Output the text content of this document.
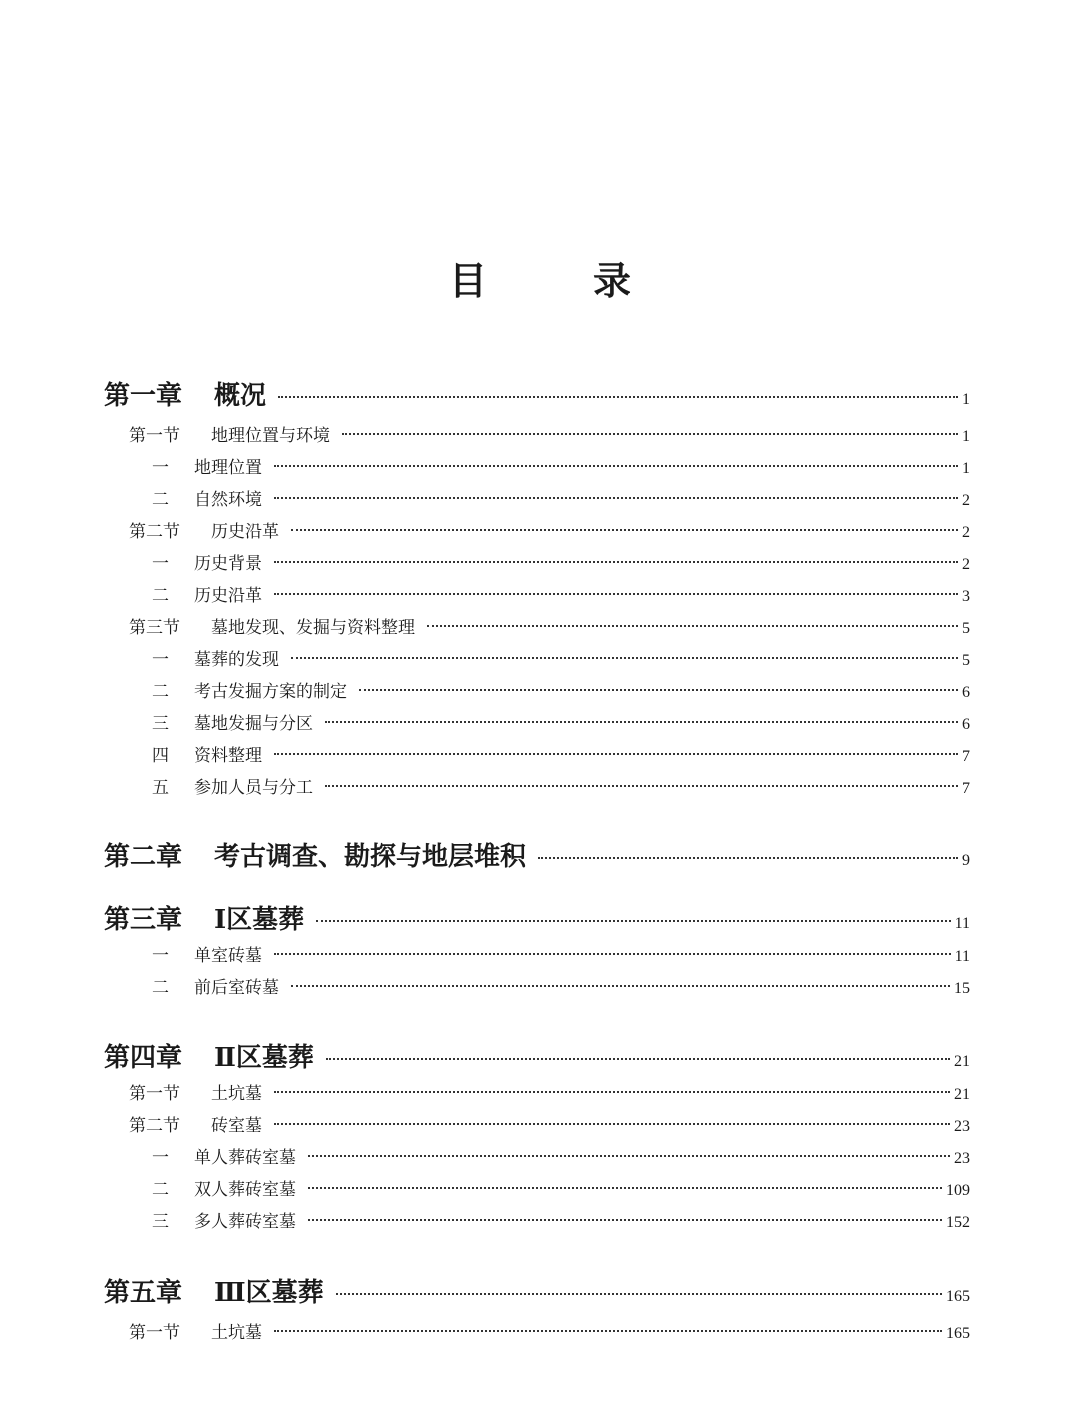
目　录
第一章	概况	1
第一节	地理位置与环境	1
一	地理位置	1
二	自然环境	2
第二节	历史沿革	2
一	历史背景	2
二	历史沿革	3
第三节	墓地发现、发掘与资料整理	5
一	墓葬的发现	5
二	考古发掘方案的制定	6
三	墓地发掘与分区	6
四	资料整理	7
五	参加人员与分工	7
第二章	考古调查、勘探与地层堆积	9
第三章	Ⅰ区墓葬	11
一	单室砖墓	11
二	前后室砖墓	15
第四章	Ⅱ区墓葬	21
第一节	土坑墓	21
第二节	砖室墓	23
一	单人葬砖室墓	23
二	双人葬砖室墓	109
三	多人葬砖室墓	152
第五章	Ⅲ区墓葬	165
第一节	土坑墓	165
